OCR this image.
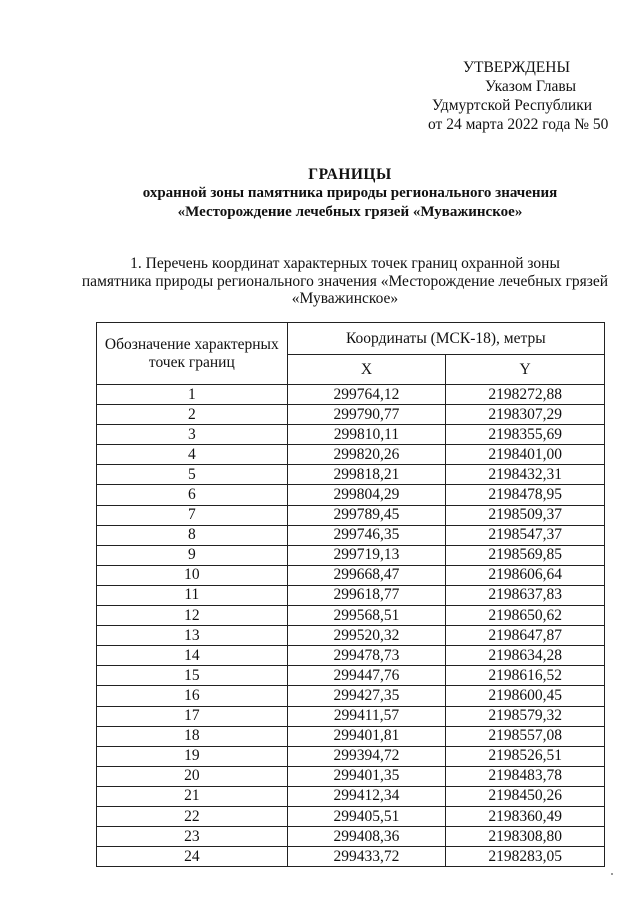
УТВЕРЖДЕНЫ
Указом Главы
Удмуртской Республики
от 24 марта 2022 года № 50
ГРАНИЦЫ
охранной зоны памятника природы регионального значения
«Месторождение лечебных грязей «Муважинское»
1. Перечень координат характерных точек границ охранной зоны
памятника природы регионального значения «Месторождение лечебных грязей
«Муважинское»
Обозначение характерных
точек границ	Координаты (МСК-18), метры	
	X	Y
1	299764,12	2198272,88
2	299790,77	2198307,29
3	299810,11	2198355,69
4	299820,26	2198401,00
5	299818,21	2198432,31
6	299804,29	2198478,95
7	299789,45	2198509,37
8	299746,35	2198547,37
9	299719,13	2198569,85
10	299668,47	2198606,64
11	299618,77	2198637,83
12	299568,51	2198650,62
13	299520,32	2198647,87
14	299478,73	2198634,28
15	299447,76	2198616,52
16	299427,35	2198600,45
17	299411,57	2198579,32
18	299401,81	2198557,08
19	299394,72	2198526,51
20	299401,35	2198483,78
21	299412,34	2198450,26
22	299405,51	2198360,49
23	299408,36	2198308,80
24	299433,72	2198283,05
